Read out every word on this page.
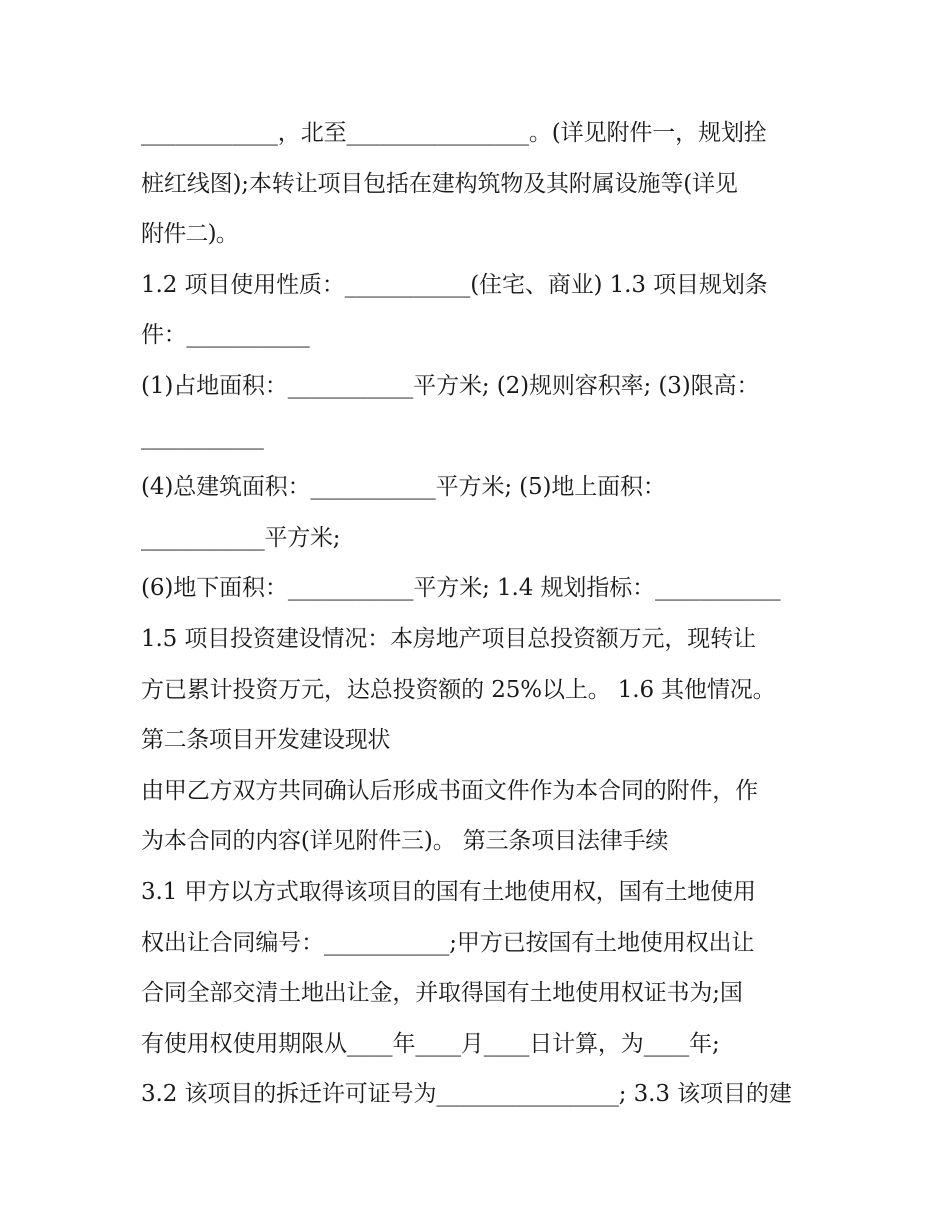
____________，北至________________。(详见附件一，规划拴
桩红线图);本转让项目包括在建构筑物及其附属设施等(详见
附件二)。
1.2 项目使用性质：___________(住宅、商业) 1.3 项目规划条
件：___________
(1)占地面积：___________平方米; (2)规则容积率; (3)限高：
___________
(4)总建筑面积：___________平方米; (5)地上面积：
___________平方米;
(6)地下面积：___________平方米; 1.4 规划指标：___________
1.5 项目投资建设情况：本房地产项目总投资额万元，现转让
方已累计投资万元，达总投资额的 25%以上。 1.6 其他情况。
第二条项目开发建设现状
由甲乙方双方共同确认后形成书面文件作为本合同的附件，作
为本合同的内容(详见附件三)。 第三条项目法律手续
3.1 甲方以方式取得该项目的国有土地使用权，国有土地使用
权出让合同编号：___________;甲方已按国有土地使用权出让
合同全部交清土地出让金，并取得国有土地使用权证书为;国
有使用权使用期限从____年____月____日计算，为____年;
3.2 该项目的拆迁许可证号为________________; 3.3 该项目的建
